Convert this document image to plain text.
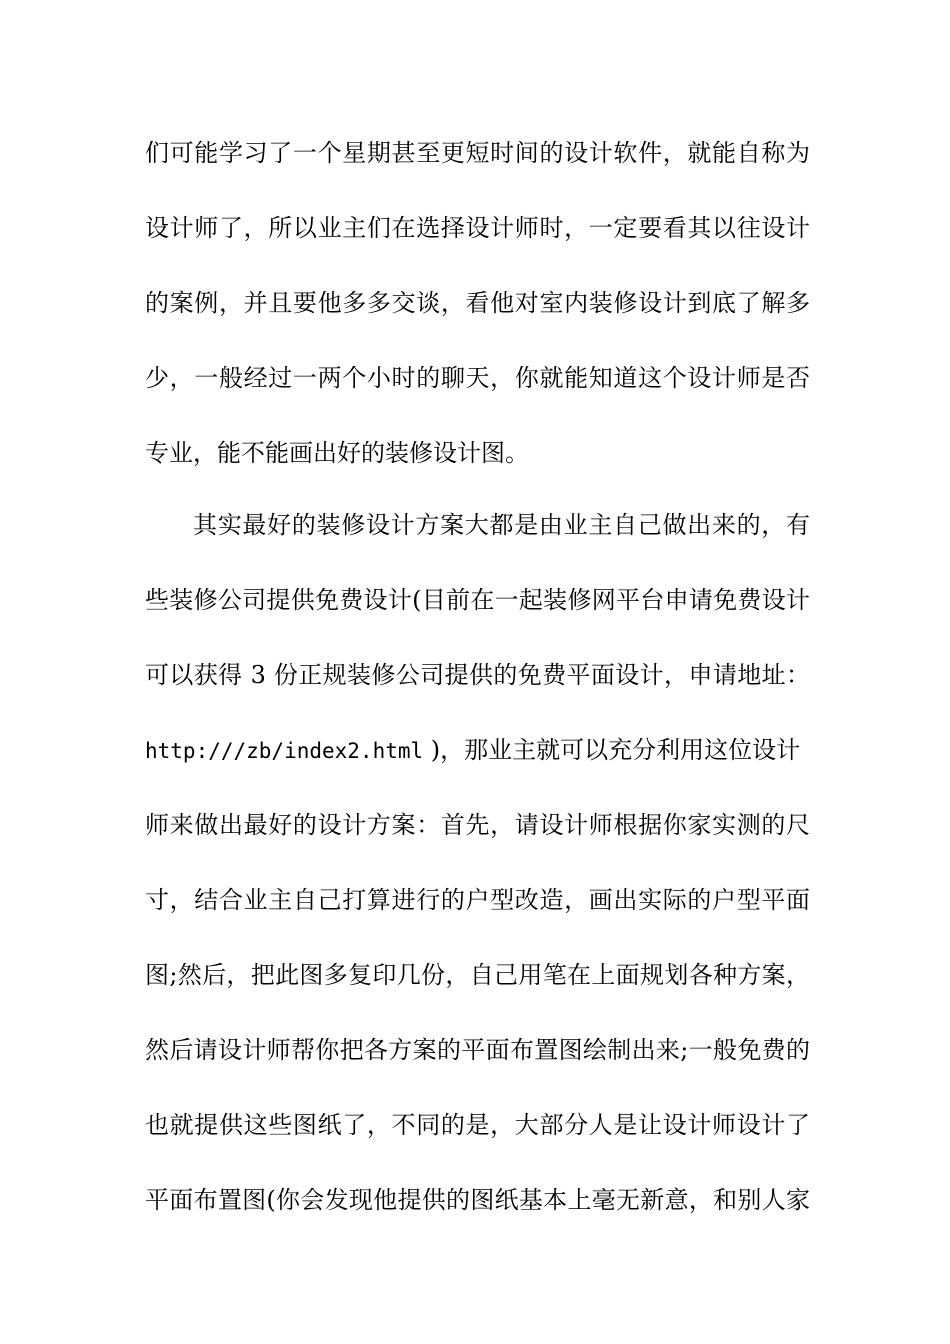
们可能学习了一个星期甚至更短时间的设计软件，就能自称为
设计师了，所以业主们在选择设计师时，一定要看其以往设计
的案例，并且要他多多交谈，看他对室内装修设计到底了解多
少，一般经过一两个小时的聊天，你就能知道这个设计师是否
专业，能不能画出好的装修设计图。
其实最好的装修设计方案大都是由业主自己做出来的，有
些装修公司提供免费设计(目前在一起装修网平台申请免费设计
可以获得 3 份正规装修公司提供的免费平面设计，申请地址：
http:///zb/index2.html )，那业主就可以充分利用这位设计
师来做出最好的设计方案：首先，请设计师根据你家实测的尺
寸，结合业主自己打算进行的户型改造，画出实际的户型平面
图;然后，把此图多复印几份，自己用笔在上面规划各种方案，
然后请设计师帮你把各方案的平面布置图绘制出来;一般免费的
也就提供这些图纸了，不同的是，大部分人是让设计师设计了
平面布置图(你会发现他提供的图纸基本上毫无新意，和别人家
